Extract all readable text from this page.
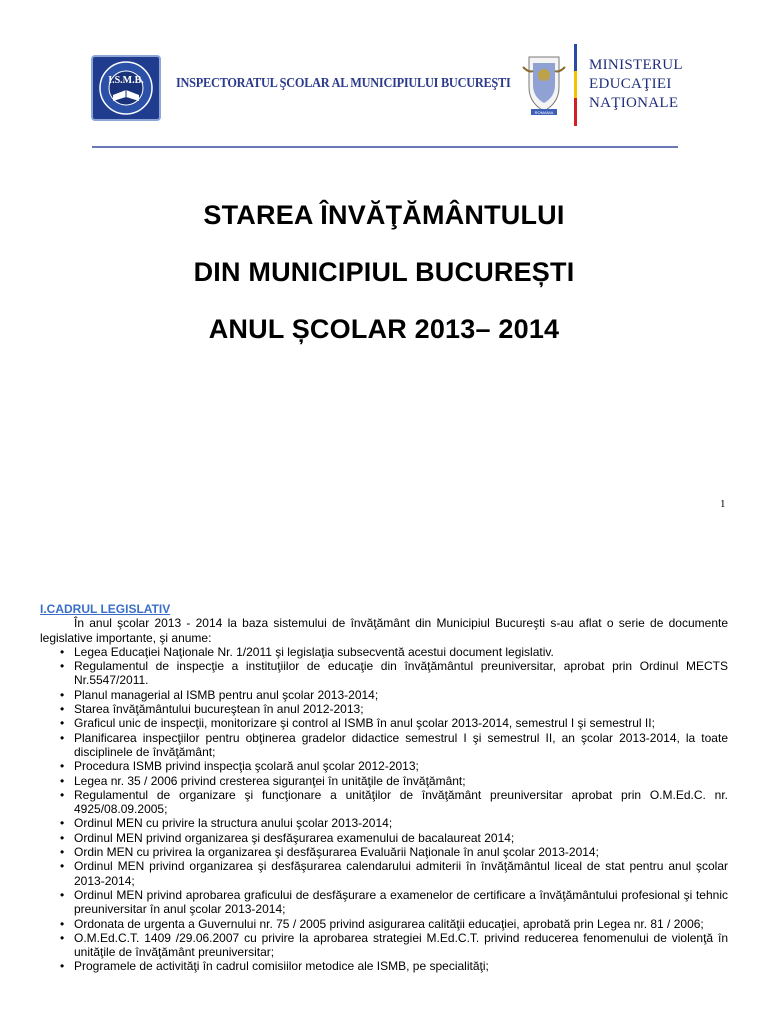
I.S.M.B. INSPECTORATUL ŞCOLAR AL MUNICIPIULUI BUCUREŞTI
ROMANIA
MINISTERUL
EDUCAŢIEI
NAŢIONALE
STAREA ÎNVĂŢĂMÂNTULUI
DIN MUNICIPIUL BUCUREȘTI
ANUL ȘCOLAR 2013– 2014
1

I.CADRUL LEGISLATIV

În anul şcolar 2013 - 2014 la baza sistemului de învăţământ din Municipiul Bucureşti s-au aflat o serie de documente legislative importante, şi anume:

• Legea Educaţiei Naţionale Nr. 1/2011 şi legislaţia subsecventă acestui document legislativ.
• Regulamentul de inspecţie a instituţiilor de educaţie din învăţământul preuniversitar, aprobat prin Ordinul MECTS Nr.5547/2011.
• Planul managerial al ISMB pentru anul şcolar 2013-2014;
• Starea învăţământului bucureştean în anul 2012-2013;
• Graficul unic de inspecţii, monitorizare şi control al ISMB în anul şcolar 2013-2014, semestrul I şi semestrul II;
• Planificarea inspecţiilor pentru obţinerea gradelor didactice semestrul I şi semestrul II, an şcolar 2013-2014, la toate disciplinele de învăţământ;
• Procedura ISMB privind inspecţia şcolară anul şcolar 2012-2013;
• Legea nr. 35 / 2006 privind cresterea siguranţei în unităţile de învăţământ;
• Regulamentul de organizare şi funcţionare a unităţilor de învăţământ preuniversitar aprobat prin O.M.Ed.C. nr. 4925/08.09.2005;
• Ordinul MEN cu privire la structura anului şcolar 2013-2014;
• Ordinul MEN privind organizarea şi desfăşurarea examenului de bacalaureat 2014;
• Ordin MEN cu privirea la organizarea şi desfăşurarea Evaluării Naţionale în anul şcolar 2013-2014;
• Ordinul MEN privind organizarea şi desfăşurarea calendarului admiterii în învăţământul liceal de stat pentru anul şcolar 2013-2014;
• Ordinul MEN privind aprobarea graficului de desfăşurare a examenelor de certificare a învăţământului profesional şi tehnic preuniversitar în anul şcolar 2013-2014;
• Ordonata de urgenta a Guvernului nr. 75 / 2005 privind asigurarea calităţii educaţiei, aprobată prin Legea nr. 81 / 2006;
• O.M.Ed.C.T. 1409 /29.06.2007 cu privire la aprobarea strategiei M.Ed.C.T. privind reducerea fenomenului de violenţă în unităţile de învăţământ preuniversitar;
• Programele de activităţi în cadrul comisiilor metodice ale ISMB, pe specialităţi;
